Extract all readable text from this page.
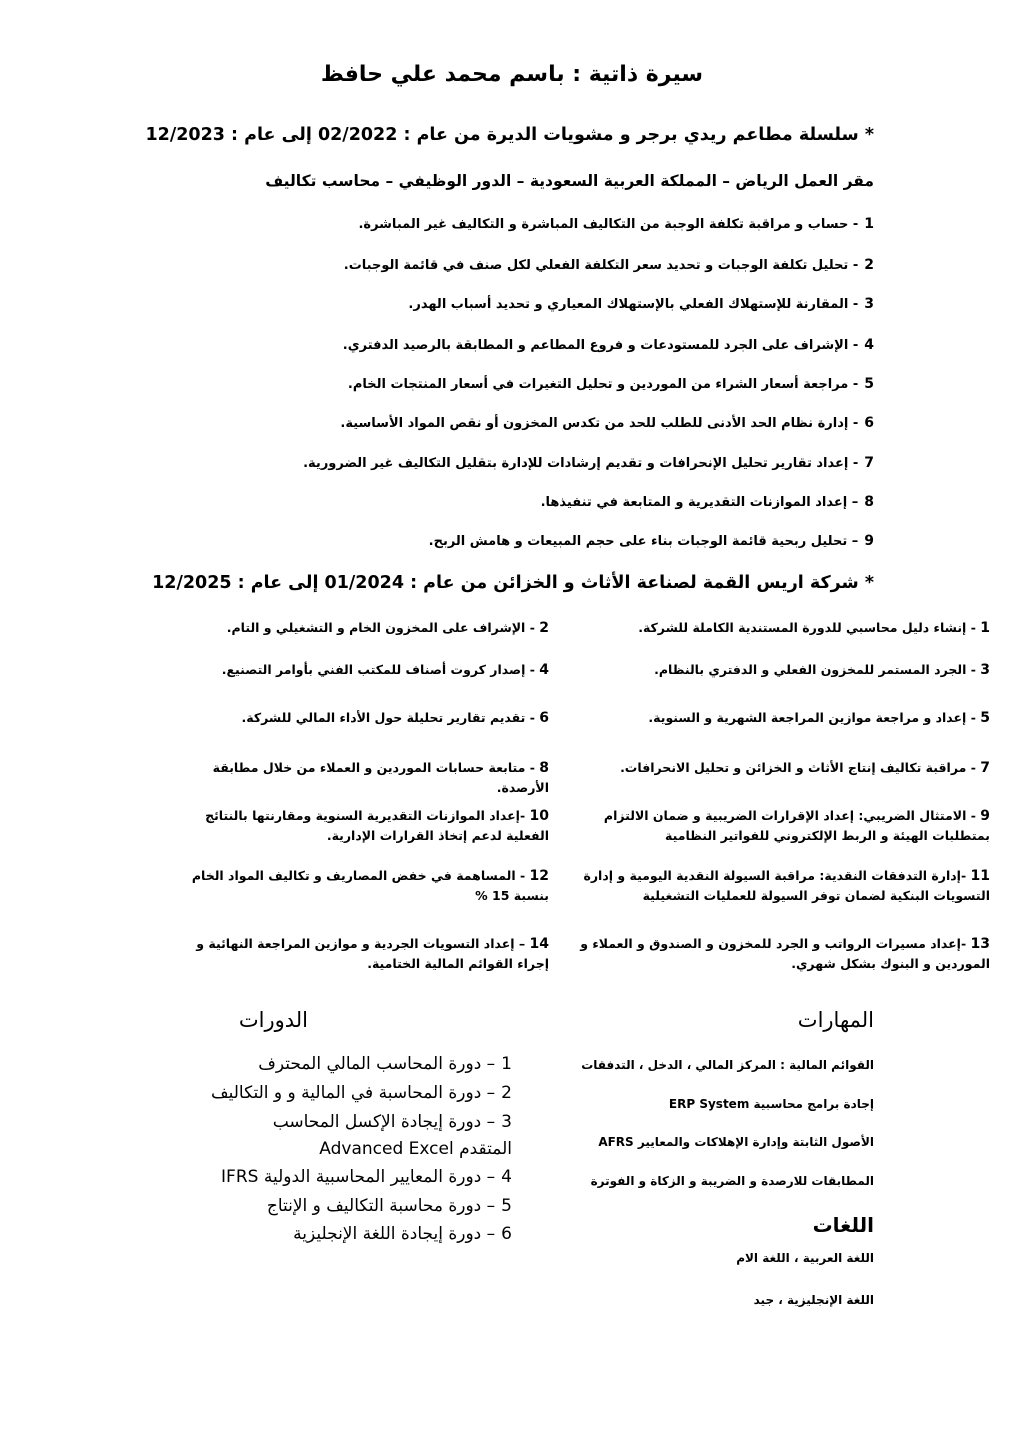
سيرة ذاتية : باسم محمد علي حافظ
* سلسلة مطاعم ريدي برجر و مشويات الديرة من عام : 02/2022 إلى عام : 12/2023
مقر العمل الرياض – المملكة العربية السعودية – الدور الوظيفي – محاسب تكاليف
1- حساب و مراقبة تكلفة الوجبة من التكاليف المباشرة و التكاليف غير المباشرة.
2- تحليل تكلفة الوجبات و تحديد سعر التكلفة الفعلي لكل صنف في قائمة الوجبات.
3- المقارنة للإستهلاك الفعلي بالإستهلاك المعياري و تحديد أسباب الهدر.
4- الإشراف على الجرد للمستودعات و فروع المطاعم و المطابقة بالرصيد الدفتري.
5- مراجعة أسعار الشراء من الموردين و تحليل التغيرات في أسعار المنتجات الخام.
6- إدارة نظام الحد الأدنى للطلب للحد من تكدس المخزون أو نقص المواد الأساسية.
7- إعداد تقارير تحليل الإنحرافات و تقديم إرشادات للإدارة بتقليل التكاليف غير الضرورية.
8– إعداد الموازنات التقديرية و المتابعة في تنفيذها.
9– تحليل ربحية قائمة الوجبات بناء على حجم المبيعات و هامش الربح.
* شركة اريس القمة لصناعة الأثاث و الخزائن من عام : 01/2024 إلى عام : 12/2025
1 - إنشاء دليل محاسبي للدورة المستندية الكاملة للشركة.
3 - الجرد المستمر للمخزون الفعلي و الدفتري بالنظام.
5 - إعداد و مراجعة موازين المراجعة الشهرية و السنوية.
7 - مراقبة تكاليف إنتاج الأثاث و الخزائن و تحليل الانحرافات.
9 - الامتثال الضريبي: إعداد الإقرارات الضريبية و ضمان الالتزام بمتطلبات الهيئة و الربط الإلكتروني للفواتير النظامية
11 -إدارة التدفقات النقدية: مراقبة السيولة النقدية اليومية و إدارة التسويات البنكية لضمان توفر السيولة للعمليات التشغيلية
13 -إعداد مسيرات الرواتب و الجرد للمخزون و الصندوق و العملاء و الموردين و البنوك بشكل شهري.
2 - الإشراف على المخزون الخام و التشغيلي و التام.
4 - إصدار كروت أصناف للمكتب الفني بأوامر التصنيع.
6 - تقديم تقارير تحليلة حول الأداء المالي للشركة.
8 - متابعة حسابات الموردين و العملاء من خلال مطابقة الأرصدة.
10 -إعداد الموازنات التقديرية السنوية ومقارنتها بالنتائج الفعلية لدعم إتخاذ القرارات الإدارية.
12 - المساهمة في خفض المصاريف و تكاليف المواد الخام بنسبة 15 %
14 – إعداد التسويات الجردية و موازين المراجعة النهائية و إجراء القوائم المالية الختامية.
المهارات
القوائم المالية : المركز المالي ، الدخل ، التدفقات
إجادة برامج محاسبية ERP System
الأصول الثابتة وإدارة الإهلاكات والمعايير AFRS
المطابقات للارصدة و الضريبة و الزكاة و الفوترة
اللغات
اللغة العربية ، اللغة الام
اللغة الإنجليزية ، جيد
الدورات
1– دورة المحاسب المالي المحترف
2– دورة المحاسبة في المالية و و التكاليف
3– دورة إيجادة الإكسل المحاسب
المتقدم Advanced Excel
4– دورة المعايير المحاسبية الدولية IFRS
5– دورة محاسبة التكاليف و الإنتاج
6– دورة إيجادة اللغة الإنجليزية
